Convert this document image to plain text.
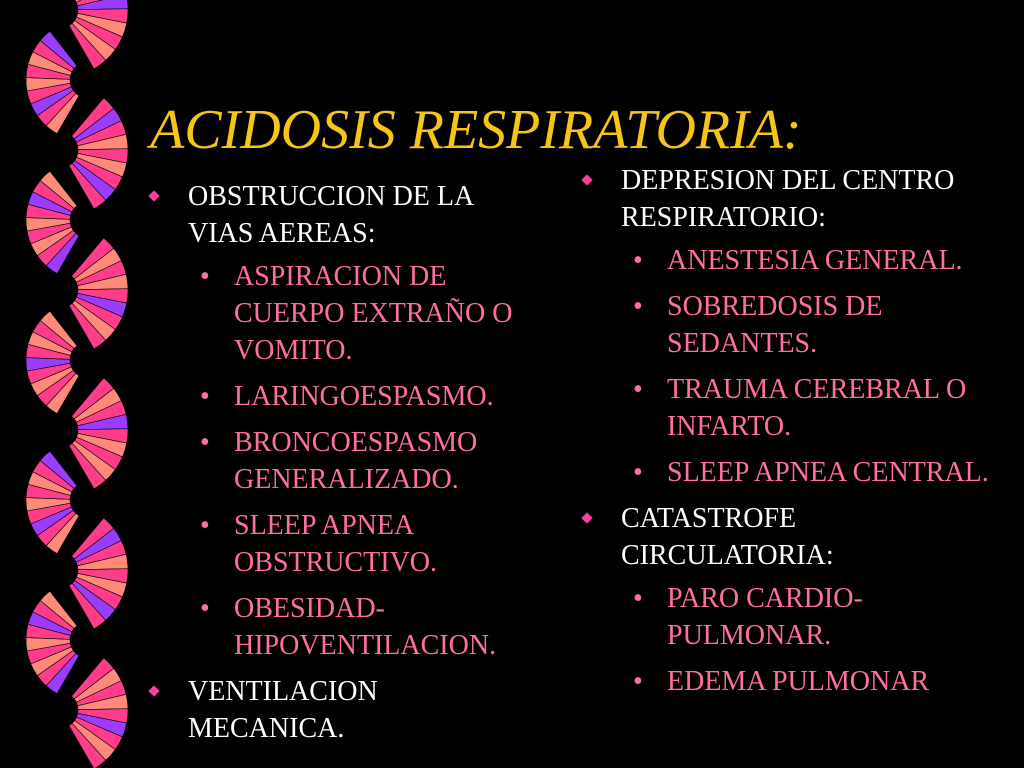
ACIDOSIS RESPIRATORIA:
OBSTRUCCION DE LA VIAS AEREAS:
• ASPIRACION DE CUERPO EXTRAÑO O VOMITO.
• LARINGOESPASMO.
• BRONCOESPASMO GENERALIZADO.
• SLEEP APNEA OBSTRUCTIVO.
• OBESIDAD-HIPOVENTILACION.
VENTILACION MECANICA.
DEPRESION DEL CENTRO RESPIRATORIO:
• ANESTESIA GENERAL.
• SOBREDOSIS DE SEDANTES.
• TRAUMA CEREBRAL O INFARTO.
• SLEEP APNEA CENTRAL.
CATASTROFE CIRCULATORIA:
• PARO CARDIO-PULMONAR.
• EDEMA PULMONAR
